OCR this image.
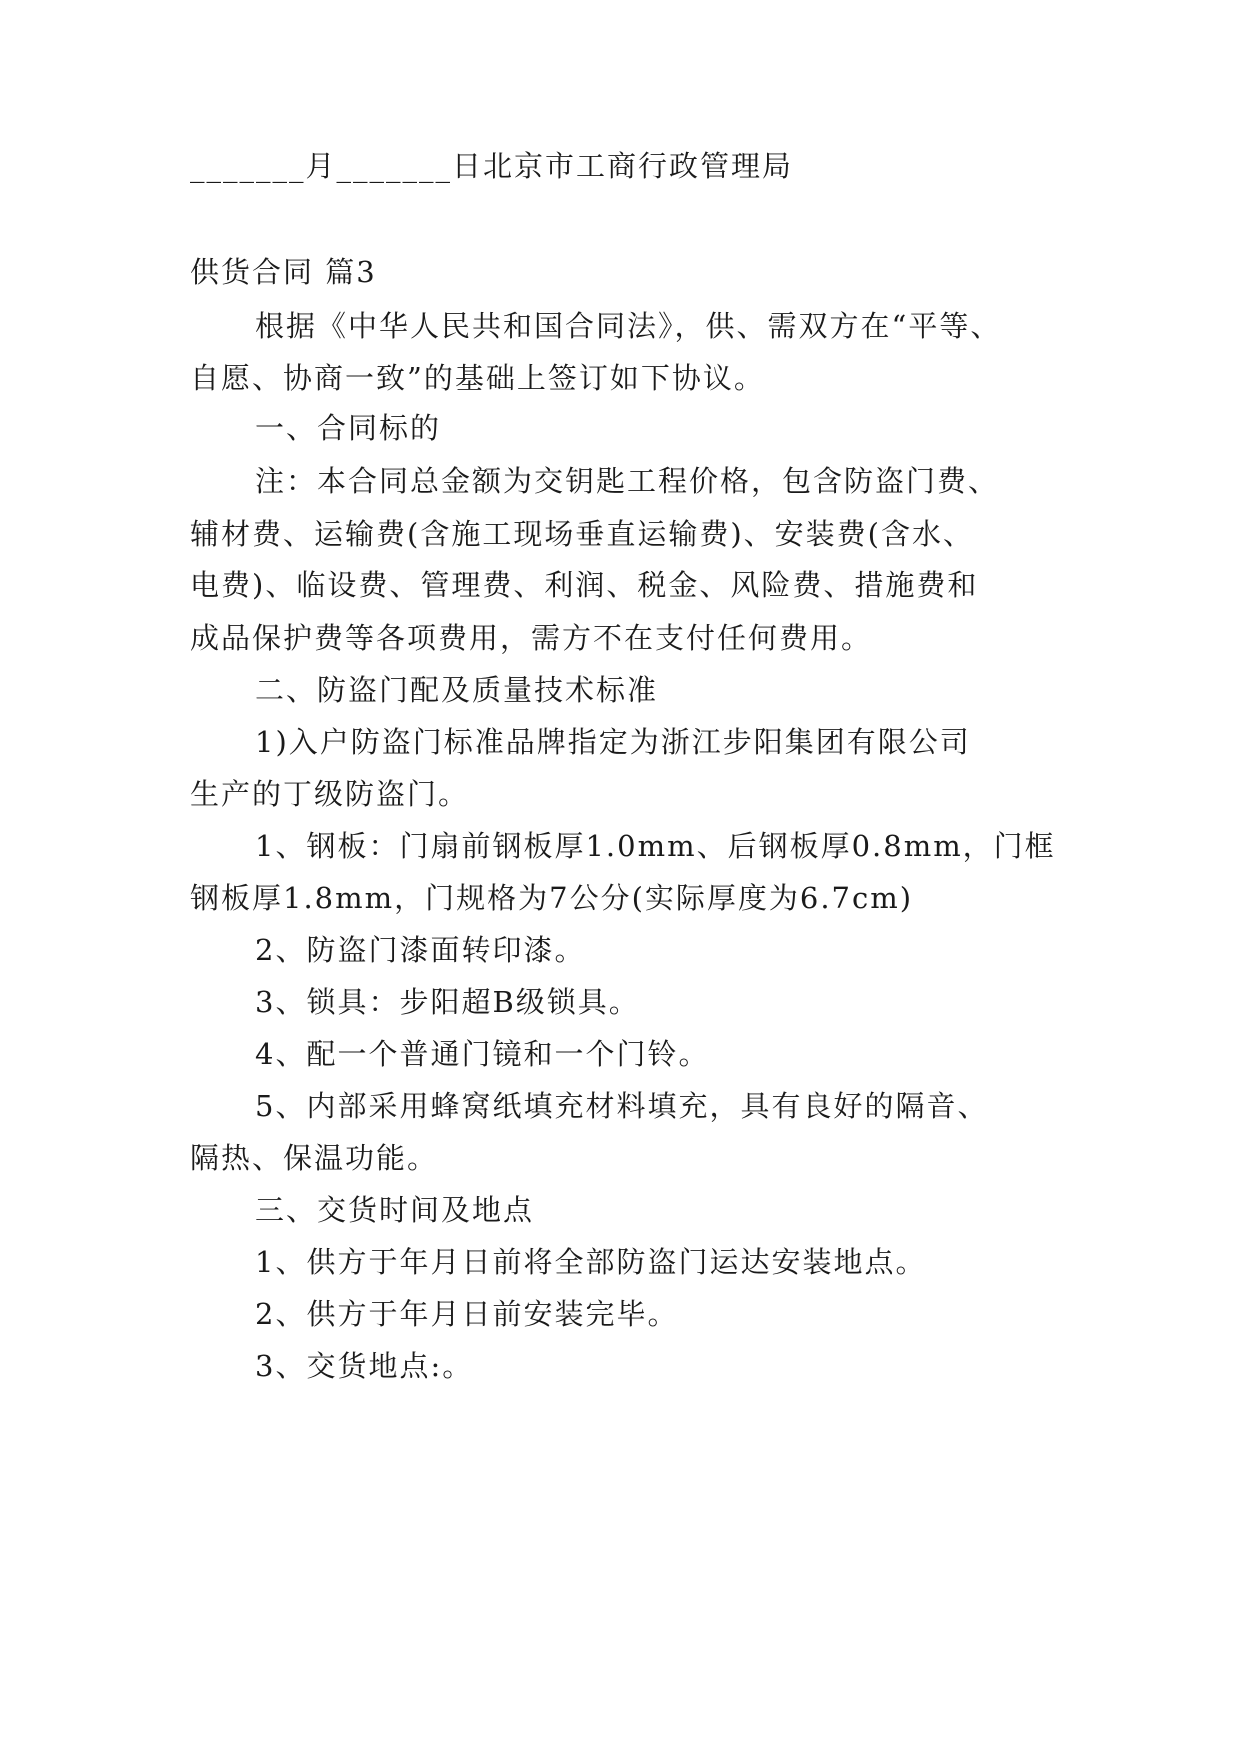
_______月_______日北京市工商行政管理局
供货合同 篇3
根据《中华人民共和国合同法》，供、需双方在“平等、
自愿、协商一致”的基础上签订如下协议。
一、合同标的
注：本合同总金额为交钥匙工程价格，包含防盗门费、
辅材费、运输费(含施工现场垂直运输费)、安装费(含水、
电费)、临设费、管理费、利润、税金、风险费、措施费和
成品保护费等各项费用，需方不在支付任何费用。
二、防盗门配及质量技术标准
1)入户防盗门标准品牌指定为浙江步阳集团有限公司
生产的丁级防盗门。
1、钢板：门扇前钢板厚1.0mm、后钢板厚0.8mm，门框
钢板厚1.8mm，门规格为7公分(实际厚度为6.7cm)
2、防盗门漆面转印漆。
3、锁具：步阳超B级锁具。
4、配一个普通门镜和一个门铃。
5、内部采用蜂窝纸填充材料填充，具有良好的隔音、
隔热、保温功能。
三、交货时间及地点
1、供方于年月日前将全部防盗门运达安装地点。
2、供方于年月日前安装完毕。
3、交货地点:。
